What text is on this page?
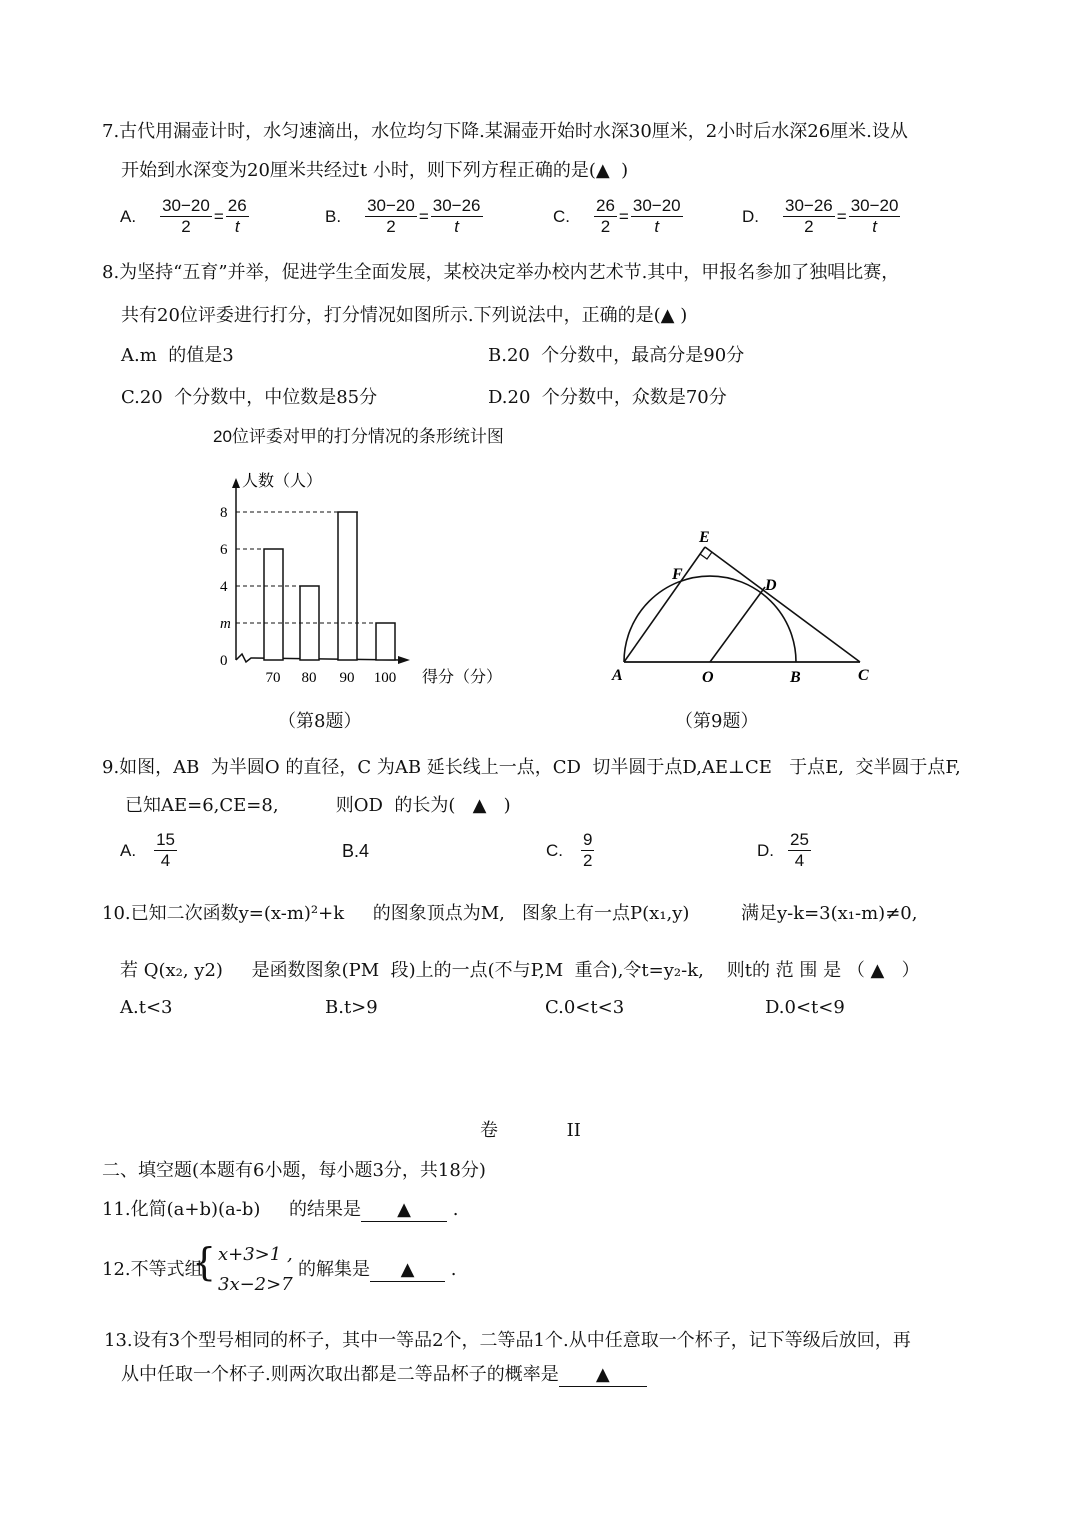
7.古代用漏壶计时，水匀速滴出，水位均匀下降.某漏壶开始时水深30厘米，2小时后水深26厘米.设从
开始到水深变为20厘米共经过t 小时，则下列方程正确的是(▲  )
A. $\frac{30-20}{2} = \frac{26}{t}$	B. $\frac{30-20}{2} = \frac{30-26}{t}$	C. $\frac{26}{2} = \frac{30-20}{t}$	D. $\frac{30-26}{2} = \frac{30-20}{t}$
8.为坚持“五育”并举，促进学生全面发展，某校决定举办校内艺术节.其中，甲报名参加了独唱比赛，
共有20位评委进行打分，打分情况如图所示.下列说法中，正确的是(▲ )
A.m  的值是3	B.20  个分数中，最高分是90分
C.20  个分数中，中位数是85分	D.20  个分数中，众数是70分
20位评委对甲的打分情况的条形统计图
人数（人）
得分（分）
0
m
4
6
8
70 80 90 100
（第8题）
A	O	B	C
D
E
F
（第9题）
9.如图，AB  为半圆O 的直径，C 为AB 延长线上一点，CD  切半圆于点D,AE⊥CE   于点E,  交半圆于点F,
已知AE=6,CE=8,          则OD  的长为(   ▲   )
A. $\frac{15}{4}$	B.4	C. $\frac{9}{2}$	D. $\frac{25}{4}$
10.已知二次函数y=(x-m)²+k     的图象顶点为M,   图象上有一点P(x₁,y)         满足y-k=3(x₁-m)≠0,
若 Q(x₂, y2)     是函数图象(PM  段)上的一点(不与P,M  重合),令t=y₂-k,    则t的 范 围 是 （ ▲   ）
A.t<3	B.t>9	C.0<t<3	D.0<t<9
卷            II
二、填空题(本题有6小题，每小题3分，共18分)
11.化简(a+b)(a-b)     的结果是 ▲ .
12.不等式组
{ x+3>1 ,
3x−2>7
的解集是 ▲ .
13.设有3个型号相同的杯子，其中一等品2个，二等品1个.从中任意取一个杯子，记下等级后放回，再
从中任取一个杯子.则两次取出都是二等品杯子的概率是 ▲
